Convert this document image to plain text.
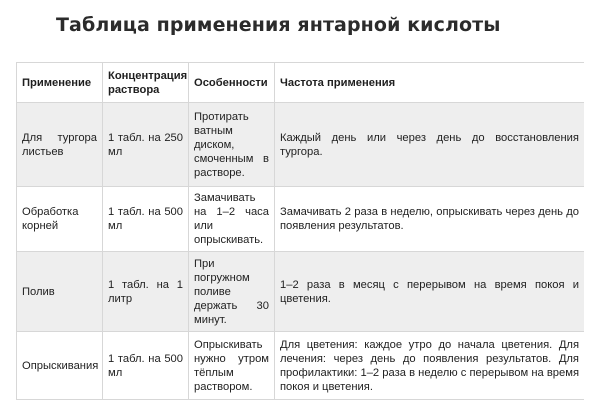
Таблица применения янтарной кислоты
Применение	Концентрация раствора	Особенности	Частота применения
Для тургора листьев	1 табл. на 250 мл	Протирать ватным диском, смоченным в растворе.	Каждый день или через день до восстановления тургора.
Обработка корней	1 табл. на 500 мл	Замачивать на 1–2 часа или опрыскивать.	Замачивать 2 раза в неделю, опрыскивать через день до появления результатов.
Полив	1 табл. на 1 литр	При погружном поливе держать 30 минут.	1–2 раза в месяц с перерывом на время покоя и цветения.
Опрыскивания	1 табл. на 500 мл	Опрыскивать нужно утром тёплым раствором.	Для цветения: каждое утро до начала цветения. Для лечения: через день до появления результатов. Для профилактики: 1–2 раза в неделю с перерывом на время покоя и цветения.
